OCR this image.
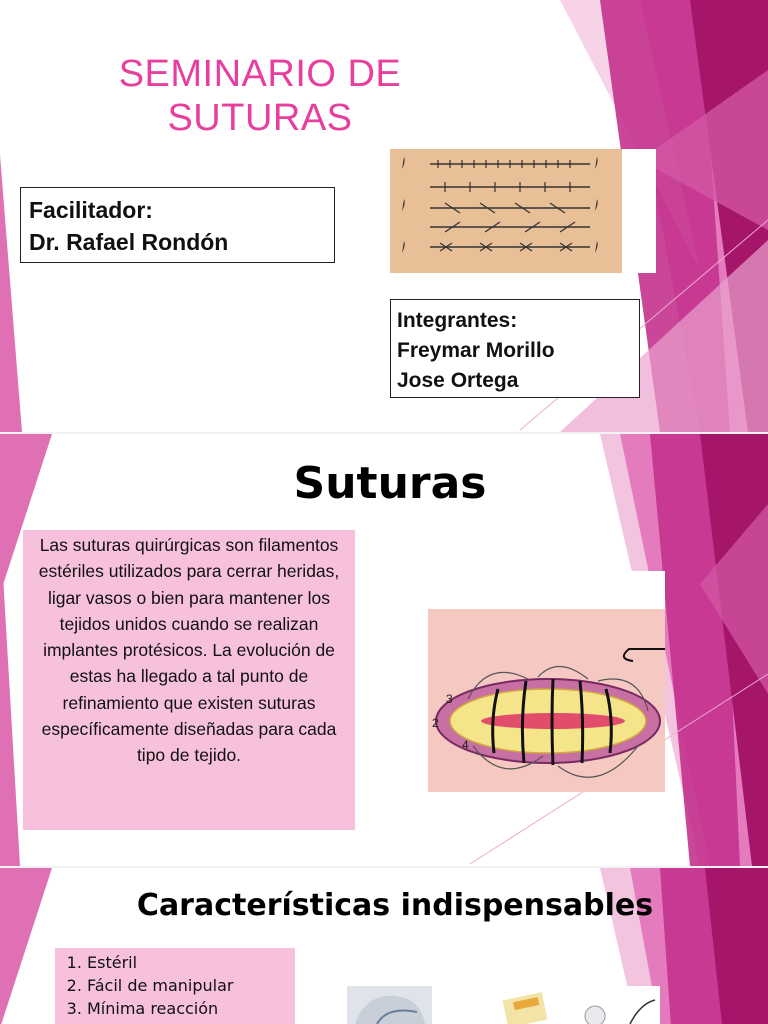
SEMINARIO DE
SUTURAS
Facilitador:
Dr. Rafael Rondón
Integrantes:
Freymar Morillo
Jose Ortega
Suturas
Las suturas quirúrgicas son filamentos estériles utilizados para cerrar heridas, ligar vasos o bien para mantener los tejidos unidos cuando se realizan implantes protésicos. La evolución de estas ha llegado a tal punto de refinamiento que existen suturas específicamente diseñadas para cada tipo de tejido.
3
2
4
Características indispensables
1. Estéril
2. Fácil de manipular
3. Mínima reacción
